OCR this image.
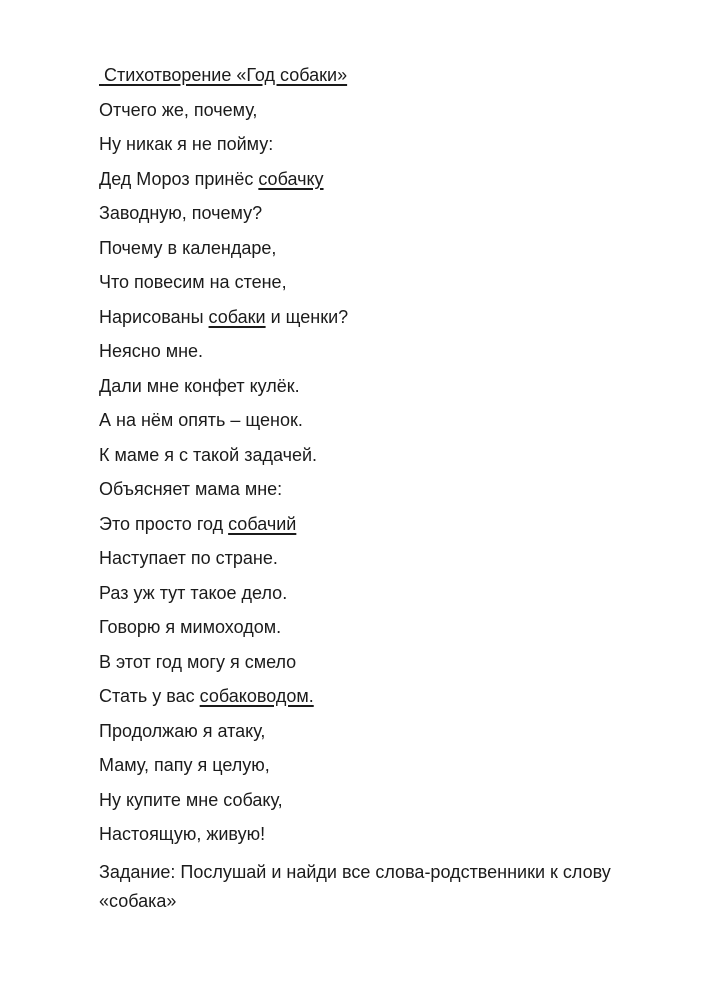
Стихотворение «Год собаки»

Отчего же, почему,

Ну никак я не пойму:

Дед Мороз принёс собачку

Заводную, почему?

Почему в календаре,

Что повесим на стене,

Нарисованы собаки и щенки?

Неясно мне.

Дали мне конфет кулёк.

А на нём опять – щенок.

К маме я с такой задачей.

Объясняет мама мне:

Это просто год собачий

Наступает по стране.

Раз уж тут такое дело.

Говорю я мимоходом.

В этот год могу я смело

Стать у вас собаководом.

Продолжаю я атаку,

Маму, папу я целую,

Ну купите мне собаку,

Настоящую, живую!

Задание: Послушай и найди все слова-родственники к слову
«собака»
